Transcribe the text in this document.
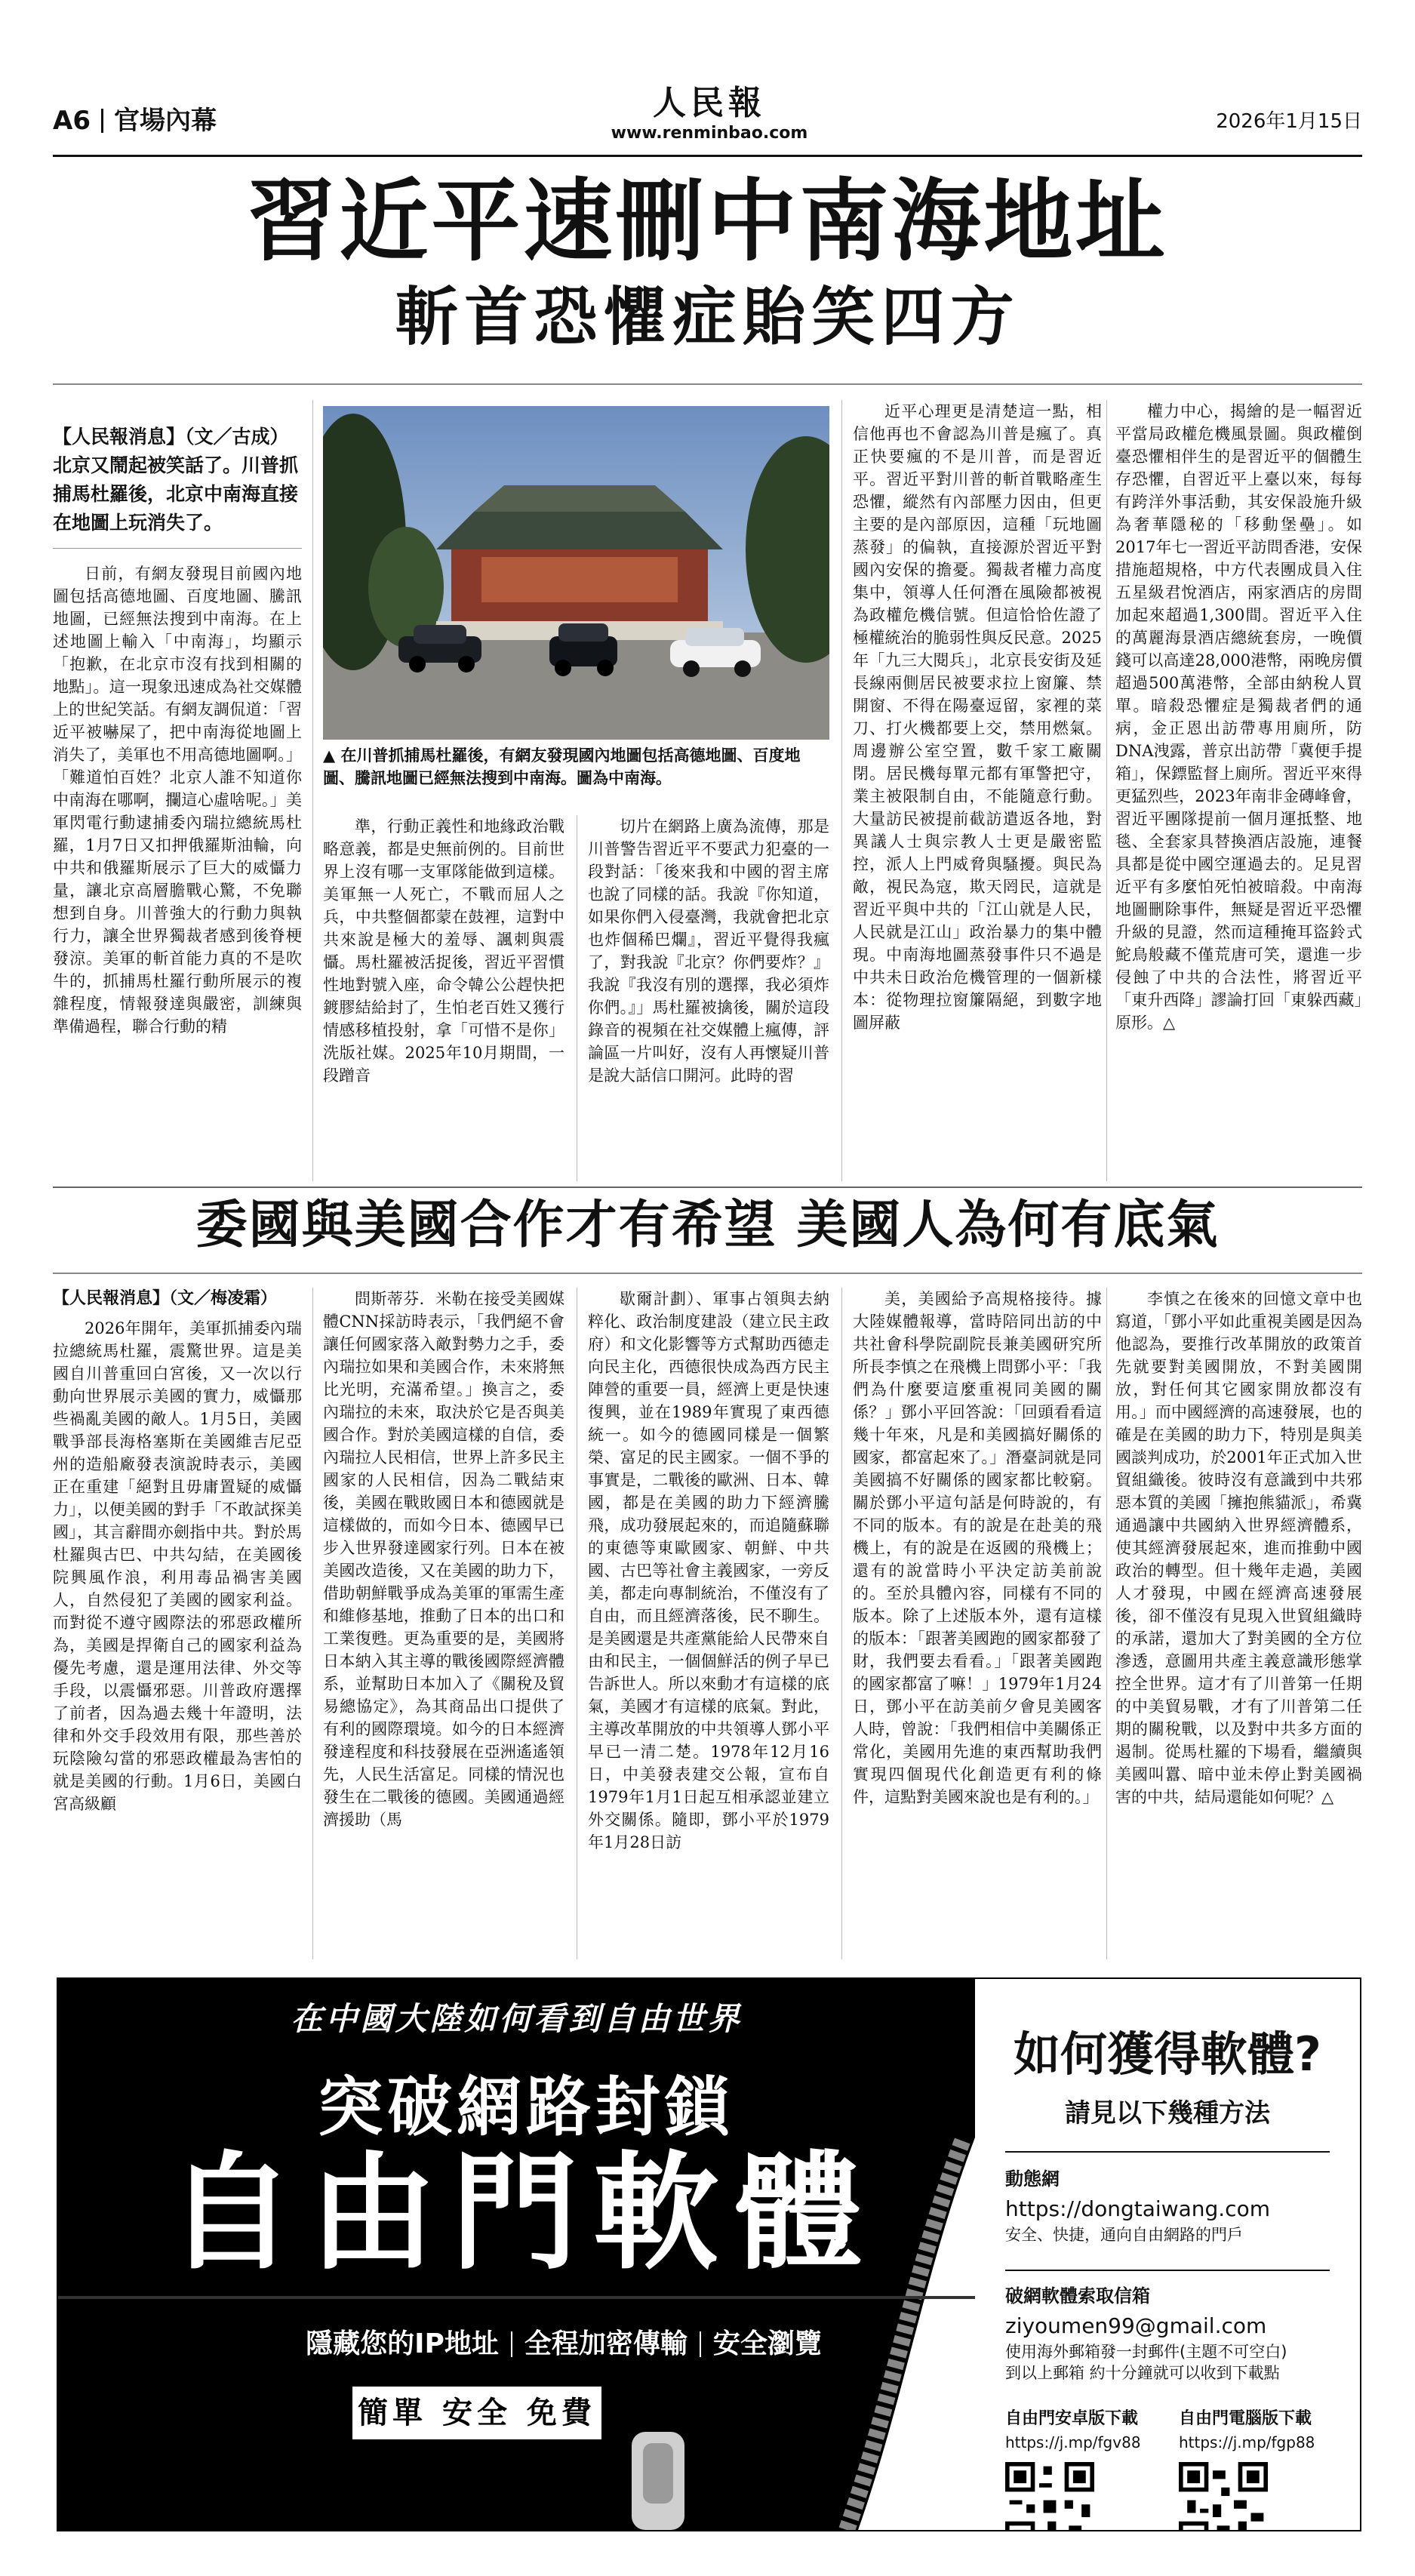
A6 官場內幕	人民報
www.renminbao.com
2026年1月15日
習近平速刪中南海地址
斬首恐懼症貽笑四方
【人民報消息】（文／古成）北京又鬧起被笑話了。川普抓捕馬杜羅後，北京中南海直接在地圖上玩消失了。
▲ 在川普抓捕馬杜羅後，有網友發現國內地圖包括高德地圖、百度地圖、騰訊地圖已經無法搜到中南海。圖為中南海。
日前，有網友發現目前國內地圖包括高德地圖、百度地圖、騰訊地圖，已經無法搜到中南海。在上述地圖上輸入「中南海」，均顯示「抱歉，在北京市沒有找到相關的地點」。這一現象迅速成為社交媒體上的世紀笑話。有網友調侃道：「習近平被嚇屎了，把中南海從地圖上消失了，美軍也不用高德地圖啊。」「難道怕百姓？北京人誰不知道你中南海在哪啊，攔這心虛啥呢。」美軍閃電行動逮捕委內瑞拉總統馬杜羅，1月7日又扣押俄羅斯油輪，向中共和俄羅斯展示了巨大的威懾力量，讓北京高層膽戰心驚，不免聯想到自身。川普強大的行動力與執行力，讓全世界獨裁者感到後脊梗發涼。美軍的斬首能力真的不是吹牛的，抓捕馬杜羅行動所展示的複雜程度，情報發達與嚴密，訓練與準備過程，聯合行動的精
準，行動正義性和地緣政治戰略意義，都是史無前例的。目前世界上沒有哪一支軍隊能做到這樣。美軍無一人死亡，不戰而屈人之兵，中共整個都蒙在鼓裡，這對中共來說是極大的羞辱、諷刺與震懾。馬杜羅被活捉後，習近平習慣性地對號入座，命令韓公公趕快把鍍膠結給封了，生怕老百姓又獲行情感移植投射，拿「可惜不是你」洗版社媒。2025年10月期間，一段蹭音
切片在網路上廣為流傳，那是川普警告習近平不要武力犯臺的一段對話：「後來我和中國的習主席也說了同樣的話。我說『你知道，如果你們入侵臺灣，我就會把北京也炸個稀巴爛』，習近平覺得我瘋了，對我說『北京？你們要炸？』我說『我沒有別的選擇，我必須炸你們。』」馬杜羅被擒後，關於這段錄音的視頻在社交媒體上瘋傳，評論區一片叫好，沒有人再懷疑川普是說大話信口開河。此時的習
近平心理更是清楚這一點，相信他再也不會認為川普是瘋了。真正快要瘋的不是川普，而是習近平。習近平對川普的斬首戰略產生恐懼，縱然有內部壓力因由，但更主要的是內部原因，這種「玩地圖蒸發」的偏執，直接源於習近平對國內安保的擔憂。獨裁者權力高度集中，領導人任何潛在風險都被視為政權危機信號。但這恰恰佐證了極權統治的脆弱性與反民意。2025年「九三大閱兵」，北京長安街及延長線兩側居民被要求拉上窗簾、禁開窗、不得在陽臺逗留，家裡的菜刀、打火機都要上交，禁用燃氣。周邊辦公室空置，數千家工廠關閉。居民機每單元都有軍警把守，業主被限制自由，不能隨意行動。大量訪民被提前截訪遣返各地，對異議人士與宗教人士更是嚴密監控，派人上門威脅與騷擾。與民為敵，視民為寇，欺天罔民，這就是習近平與中共的「江山就是人民，人民就是江山」政治暴力的集中體現。中南海地圖蒸發事件只不過是中共未日政治危機管理的一個新樣本：從物理拉窗簾隔絕，到數字地圖屏蔽
權力中心，揭繪的是一幅習近平當局政權危機風景圖。與政權倒臺恐懼相伴生的是習近平的個體生存恐懼，自習近平上臺以來，每每有跨洋外事活動，其安保設施升級為奢華隱秘的「移動堡壘」。如2017年七一習近平訪問香港，安保措施超規格，中方代表團成員入住五星級君悅酒店，兩家酒店的房間加起來超過1,300間。習近平入住的萬麗海景酒店總統套房，一晚價錢可以高達28,000港幣，兩晚房價超過500萬港幣，全部由納稅人買單。暗殺恐懼症是獨裁者們的通病，金正恩出訪帶專用廁所，防DNA洩露，普京出訪帶「冀便手提箱」，保鏢監督上廁所。習近平來得更猛烈些，2023年南非金磚峰會，習近平團隊提前一個月運抵整、地毯、全套家具替換酒店設施，連餐具都是從中國空運過去的。足見習近平有多麼怕死怕被暗殺。中南海地圖刪除事件，無疑是習近平恐懼升級的見證，然而這種掩耳盜鈴式鮀鳥般藏不僅荒唐可笑，還進一步侵蝕了中共的合法性，將習近平「東升西降」謬論打回「東躲西藏」原形。△
委國與美國合作才有希望 美國人為何有底氣
【人民報消息】（文／梅凌霜）
2026年開年，美軍抓捕委內瑞拉總統馬杜羅，震驚世界。這是美國自川普重回白宮後，又一次以行動向世界展示美國的實力，威懾那些禍亂美國的敵人。1月5日，美國戰爭部長海格塞斯在美國維吉尼亞州的造船廠發表演說時表示，美國正在重建「絕對且毋庸置疑的威懾力」，以便美國的對手「不敢試探美國」，其言辭間亦劍指中共。對於馬杜羅與古巴、中共勾結，在美國後院興風作浪，利用毒品禍害美國人，自然侵犯了美國的國家利益。而對從不遵守國際法的邪惡政權所為，美國是捍衛自己的國家利益為優先考慮，還是運用法律、外交等手段，以震懾邪惡。川普政府選擇了前者，因為過去幾十年證明，法律和外交手段效用有限，那些善於玩陰險勾當的邪惡政權最為害怕的就是美國的行動。1月6日，美國白宮高級顧
問斯蒂芬．米勒在接受美國媒體CNN採訪時表示，「我們絕不會讓任何國家落入敵對勢力之手，委內瑞拉如果和美國合作，未來將無比光明，充滿希望。」換言之，委內瑞拉的未來，取決於它是否與美國合作。對於美國這樣的自信，委內瑞拉人民相信，世界上許多民主國家的人民相信，因為二戰結束後，美國在戰敗國日本和德國就是這樣做的，而如今日本、德國早已步入世界發達國家行列。日本在被美國改造後，又在美國的助力下，借助朝鮮戰爭成為美軍的軍需生產和維修基地，推動了日本的出口和工業復甦。更為重要的是，美國將日本納入其主導的戰後國際經濟體系，並幫助日本加入了《關稅及貿易總協定》，為其商品出口提供了有利的國際環境。如今的日本經濟發達程度和科技發展在亞洲遙遙領先，人民生活富足。同樣的情況也發生在二戰後的德國。美國通過經濟援助（馬
歇爾計劃）、軍事占領與去納粹化、政治制度建設（建立民主政府）和文化影響等方式幫助西德走向民主化，西德很快成為西方民主陣營的重要一員，經濟上更是快速復興，並在1989年實現了東西德統一。如今的德國同樣是一個繁榮、富足的民主國家。一個不爭的事實是，二戰後的歐洲、日本、韓國，都是在美國的助力下經濟騰飛，成功發展起來的，而追隨蘇聯的東德等東歐國家、朝鮮、中共國、古巴等社會主義國家，一旁反美，都走向專制統治，不僅沒有了自由，而且經濟落後，民不聊生。是美國還是共產黨能給人民帶來自由和民主，一個個鮮活的例子早已告訴世人。所以來動才有這樣的底氣，美國才有這樣的底氣。對此，主導改革開放的中共領導人鄧小平早已一清二楚。1978年12月16日，中美發表建交公報，宣布自1979年1月1日起互相承認並建立外交關係。隨即，鄧小平於1979年1月28日訪
美，美國給予高規格接待。據大陸媒體報導，當時陪同出訪的中共社會科學院副院長兼美國研究所所長李慎之在飛機上問鄧小平：「我們為什麼要這麼重視同美國的關係？」鄧小平回答說：「回頭看看這幾十年來，凡是和美國搞好關係的國家，都富起來了。」潛臺詞就是同美國搞不好關係的國家都比較窮。關於鄧小平這句話是何時說的，有不同的版本。有的說是在赴美的飛機上，有的說是在返國的飛機上；還有的說當時小平決定訪美前說的。至於具體內容，同樣有不同的版本。除了上述版本外，還有這樣的版本：「跟著美國跑的國家都發了財，我們要去看看。」「跟著美國跑的國家都富了嘛！」1979年1月24日，鄧小平在訪美前夕會見美國客人時，曾說：「我們相信中美關係正常化，美國用先進的東西幫助我們實現四個現代化創造更有利的條件，這點對美國來說也是有利的。」
李慎之在後來的回憶文章中也寫道，「鄧小平如此重視美國是因為他認為，要推行改革開放的政策首先就要對美國開放，不對美國開放，對任何其它國家開放都沒有用。」而中國經濟的高速發展，也的確是在美國的助力下，特別是與美國談判成功，於2001年正式加入世貿組織後。彼時沒有意識到中共邪惡本質的美國「擁抱熊貓派」，希冀通過讓中共國納入世界經濟體系，使其經濟發展起來，進而推動中國政治的轉型。但十幾年走過，美國人才發現，中國在經濟高速發展後，卻不僅沒有見現入世貿組織時的承諾，還加大了對美國的全方位滲透，意圖用共產主義意識形態掌控全世界。這才有了川普第一任期的中美貿易戰，才有了川普第二任期的關稅戰，以及對中共多方面的遏制。從馬杜羅的下場看，繼續與美國叫囂、暗中並未停止對美國禍害的中共，結局還能如何呢？△
在中國大陸如何看到自由世界
突破網路封鎖
自由門軟體
隱藏您的IP地址 全程加密傳輸 安全瀏覽
簡單 安全 免費
如何獲得軟體?
請見以下幾種方法
動態網
https://dongtaiwang.com
安全、快捷，通向自由網路的門戶
破網軟體索取信箱
ziyoumen99@gmail.com
使用海外郵箱發一封郵件(主題不可空白)
到以上郵箱 約十分鐘就可以收到下載點
自由門安卓版下載
https://j.mp/fgv88
自由門電腦版下載
https://j.mp/fgp88
